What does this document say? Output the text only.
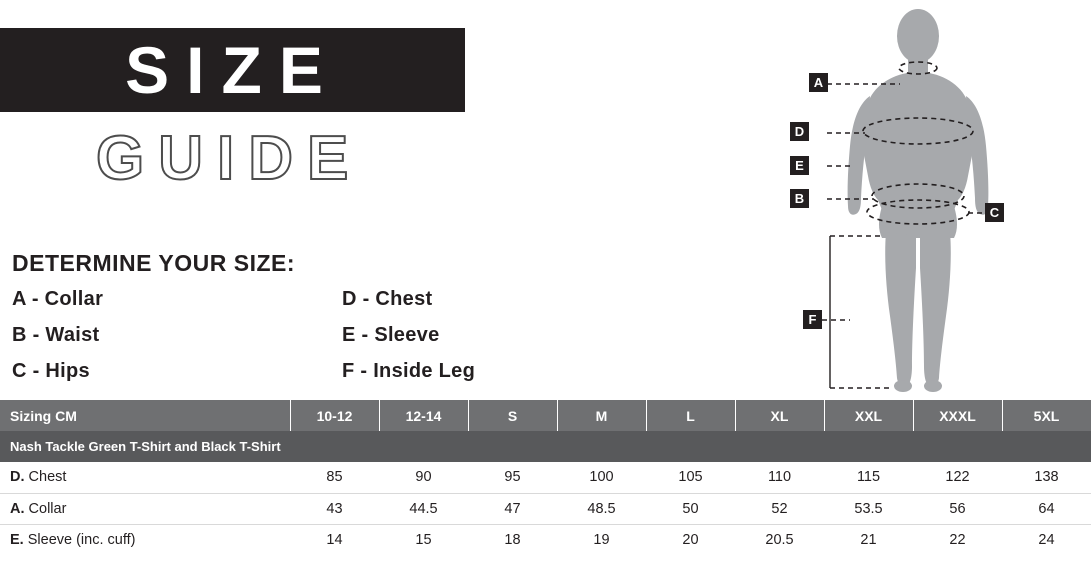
SIZE
GUIDE
DETERMINE YOUR SIZE:
A - Collar	D - Chest
B - Waist	E - Sleeve
C - Hips	F - Inside Leg
A
D
E
B
C
F
Sizing CM	10-12	12-14	S	M	L	XL	XXL	XXXL	5XL
Nash Tackle Green T-Shirt and Black T-Shirt									
D. Chest	85	90	95	100	105	110	115	122	138
A. Collar	43	44.5	47	48.5	50	52	53.5	56	64
E. Sleeve (inc. cuff)	14	15	18	19	20	20.5	21	22	24
